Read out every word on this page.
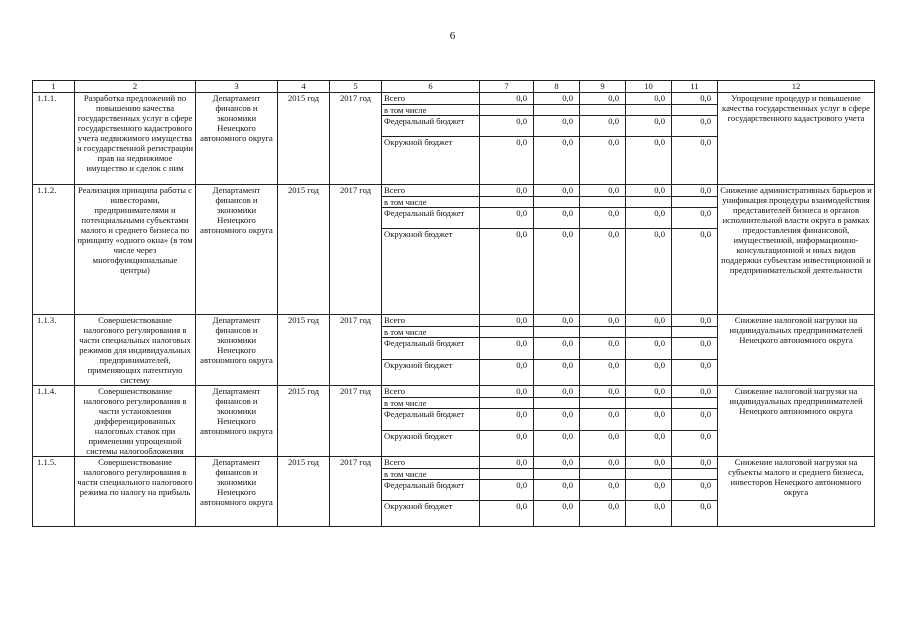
6
1	2	3	4	5	6	7	8	9	10	11	12
1.1.1.	Разработка предложений по повышению качества государственных услуг в сфере государственного кадастрового учета недвижимого имущества и государственной регистрации прав на недвижимое имущество и сделок с ним	Департамент финансов и экономики Ненецкого автономного округа	2015 год	2017 год	Всего	0,0	0,0	0,0	0,0	0,0	Упрощение процедур и повышение качества государственных услуг в сфере государственного кадастрового учета
					в том числе						
					Федеральный бюджет	0,0	0,0	0,0	0,0	0,0	
					Окружной бюджет	0,0	0,0	0,0	0,0	0,0	
1.1.2.	Реализация принципа работы с инвесторами, предпринимателями и потенциальными субъектами малого и среднего бизнеса по принципу «одного окна» (в том числе через многофункциональные центры)	Департамент финансов и экономики Ненецкого автономного округа	2015 год	2017 год	Всего	0,0	0,0	0,0	0,0	0,0	Снижение административных барьеров и унификация процедуры взаимодействия представителей бизнеса и органов исполнительной власти округа в рамках предоставления финансовой, имущественной, информационно-консультационной и иных видов поддержки субъектам инвестиционной и предпринимательской деятельности
					в том числе						
					Федеральный бюджет	0,0	0,0	0,0	0,0	0,0	
					Окружной бюджет	0,0	0,0	0,0	0,0	0,0	
1.1.3.	Совершенствование налогового регулирования в части специальных налоговых режимов для индивидуальных предпринимателей, применяющих патентную систему	Департамент финансов и экономики Ненецкого автономного округа	2015 год	2017 год	Всего	0,0	0,0	0,0	0,0	0,0	Снижение налоговой нагрузки на индивидуальных предпринимателей Ненецкого автономного округа
					в том числе						
					Федеральный бюджет	0,0	0,0	0,0	0,0	0,0	
					Окружной бюджет	0,0	0,0	0,0	0,0	0,0	
1.1.4.	Совершенствование налогового регулирования в части установления дифференцированных налоговых ставок при применении упрощенной системы налогообложения	Департамент финансов и экономики Ненецкого автономного округа	2015 год	2017 год	Всего	0,0	0,0	0,0	0,0	0,0	Снижение налоговой нагрузки на индивидуальных предпринимателей Ненецкого автономного округа
					в том числе						
					Федеральный бюджет	0,0	0,0	0,0	0,0	0,0	
					Окружной бюджет	0,0	0,0	0,0	0,0	0,0	
1.1.5.	Совершенствование налогового регулирования в части специального налогового режима по налогу на прибыль	Департамент финансов и экономики Ненецкого автономного округа	2015 год	2017 год	Всего	0,0	0,0	0,0	0,0	0,0	Снижение налоговой нагрузки на субъекты малого и среднего бизнеса, инвесторов Ненецкого автономного округа
					в том числе						
					Федеральный бюджет	0,0	0,0	0,0	0,0	0,0	
					Окружной бюджет	0,0	0,0	0,0	0,0	0,0	
